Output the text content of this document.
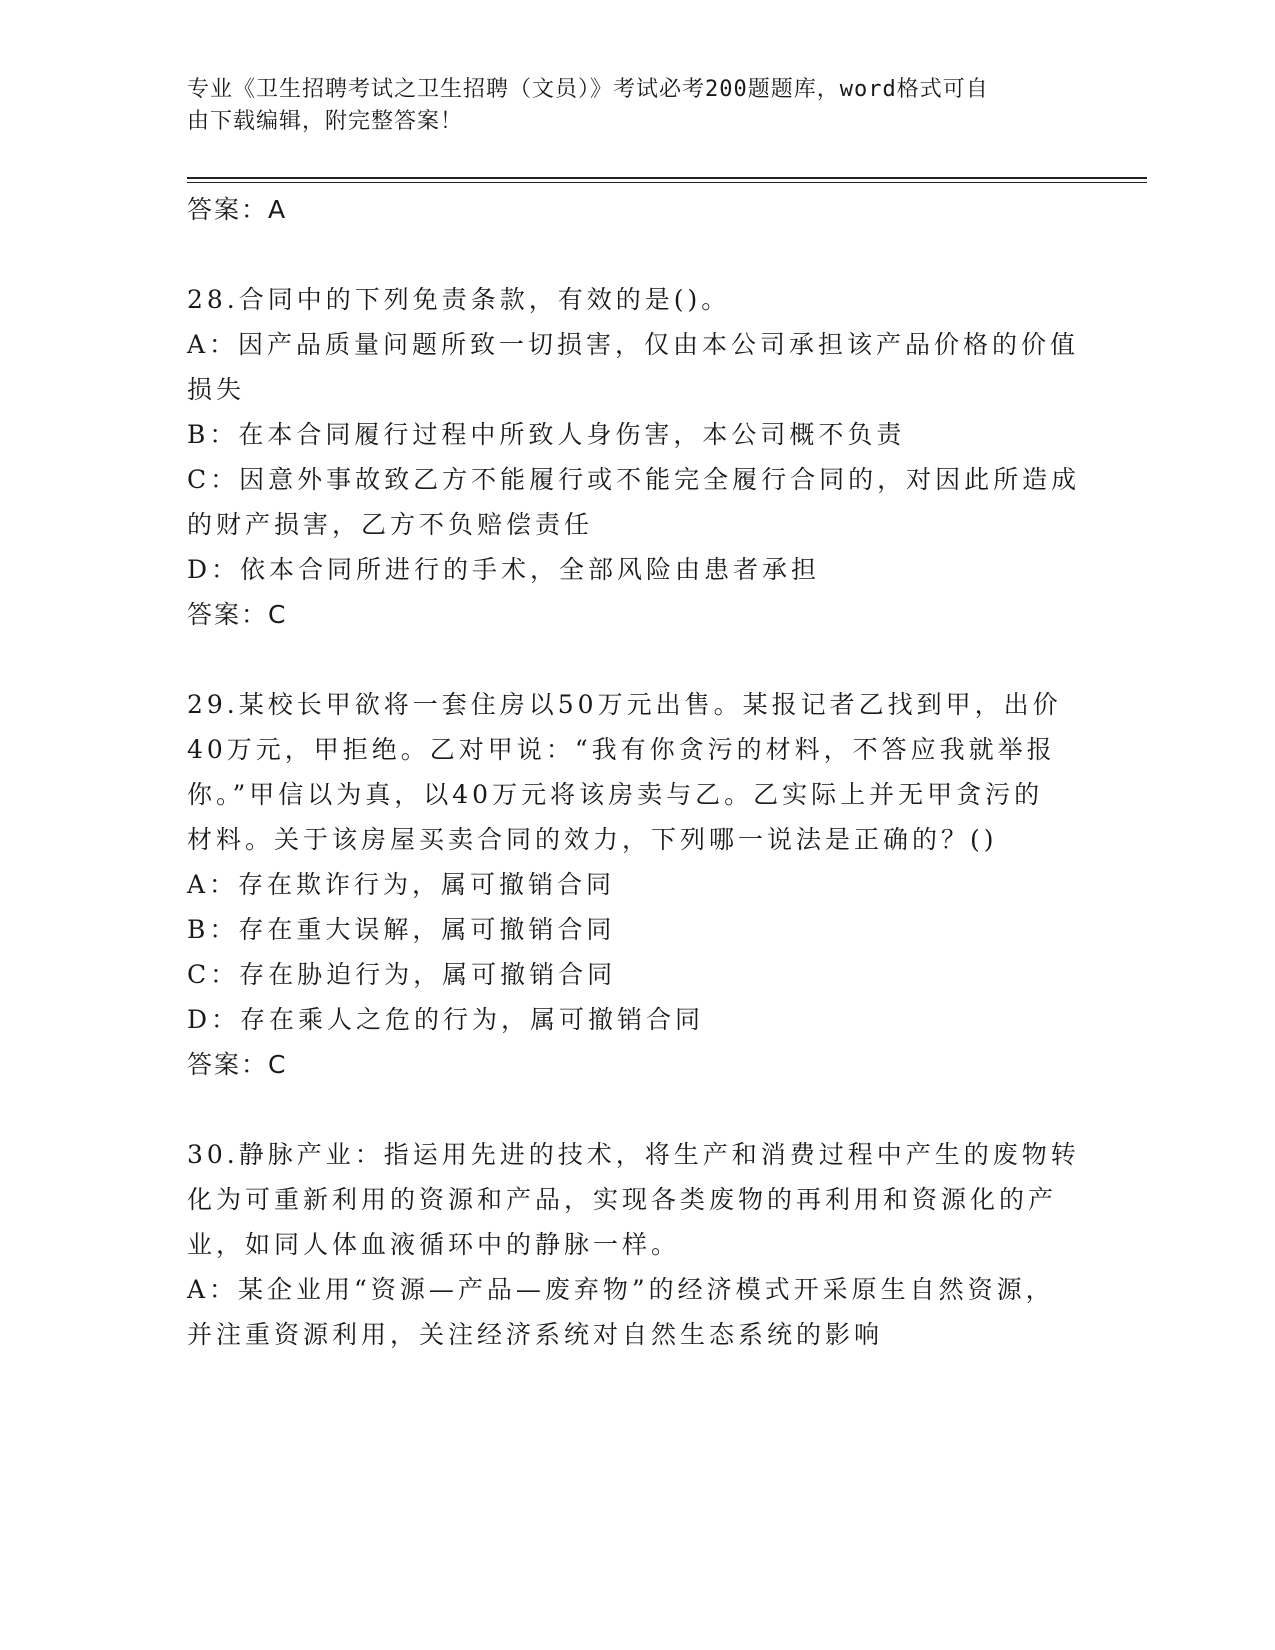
专业《卫生招聘考试之卫生招聘（文员）》考试必考200题题库，word格式可自
由下载编辑，附完整答案！
答案：A
28.合同中的下列免责条款，有效的是()。
A：因产品质量问题所致一切损害，仅由本公司承担该产品价格的价值
损失
B：在本合同履行过程中所致人身伤害，本公司概不负责
C：因意外事故致乙方不能履行或不能完全履行合同的，对因此所造成
的财产损害，乙方不负赔偿责任
D：依本合同所进行的手术，全部风险由患者承担
答案：C
29.某校长甲欲将一套住房以50万元出售。某报记者乙找到甲，出价
40万元，甲拒绝。乙对甲说：“我有你贪污的材料，不答应我就举报
你。”甲信以为真，以40万元将该房卖与乙。乙实际上并无甲贪污的
材料。关于该房屋买卖合同的效力，下列哪一说法是正确的？()
A：存在欺诈行为，属可撤销合同
B：存在重大误解，属可撤销合同
C：存在胁迫行为，属可撤销合同
D：存在乘人之危的行为，属可撤销合同
答案：C
30.静脉产业：指运用先进的技术，将生产和消费过程中产生的废物转
化为可重新利用的资源和产品，实现各类废物的再利用和资源化的产
业，如同人体血液循环中的静脉一样。
A：某企业用“资源—产品—废弃物”的经济模式开采原生自然资源，
并注重资源利用，关注经济系统对自然生态系统的影响
